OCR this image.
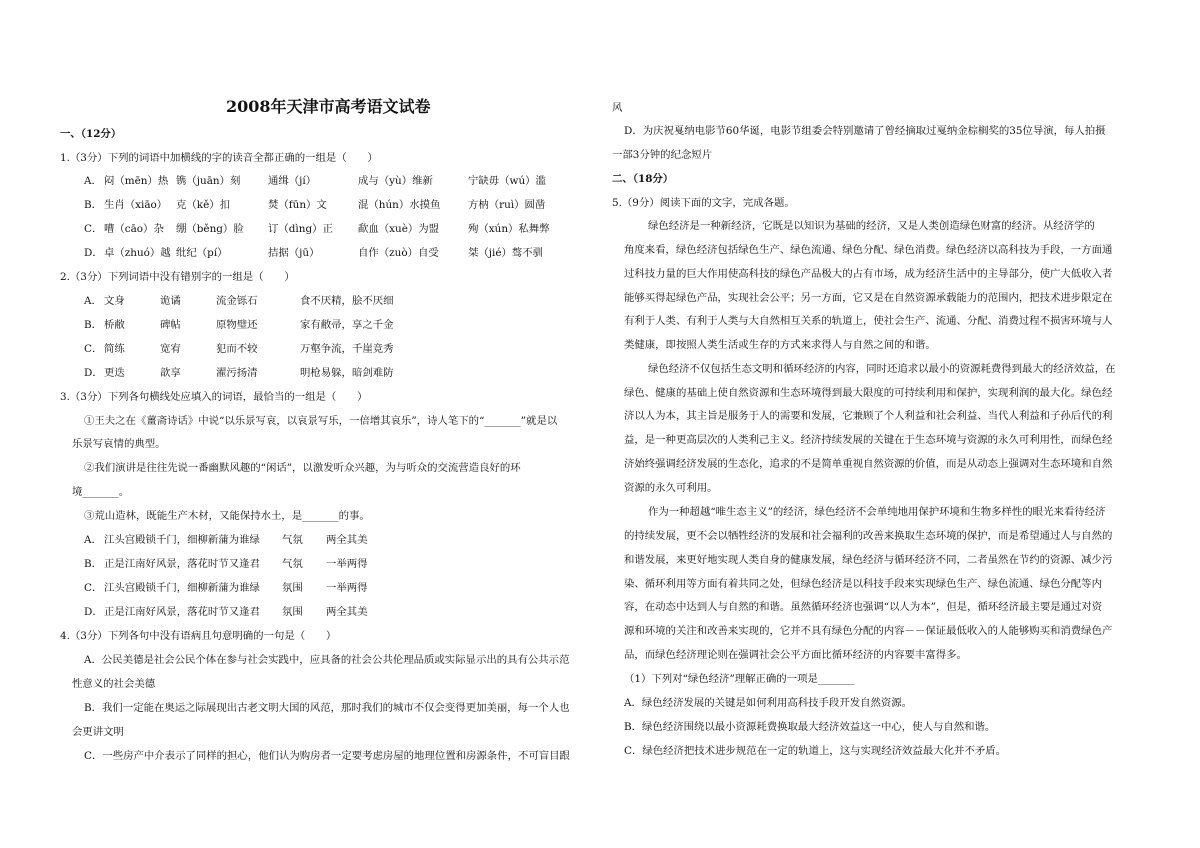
2008年天津市高考语文试卷
一、（12分）
1.（3分）下列的词语中加横线的字的读音全都正确的一组是（　　）
A． 闷（mēn）热 镌（juān）刻	通缉（jí）	成与（yù）维新	宁缺毋（wú）滥
B． 生肖（xiāo） 克（kě）扣	焚（fūn）文	混（hún）水摸鱼	方枘（ruì）圆凿
C． 嘈（cāo）杂 绷（běng）脸 订（dìng）正 歃血（xuè）为盟	殉（xún）私舞弊
D．卓（zhuó）越 纰纪（pí）	拮据（jū）	自作（zuò）自受	桀（jié）骜不驯
2.（3分）下列词语中没有错别字的一组是（　　）
A． 文身	诡谲	流金铄石	食不厌精，脍不厌细
B． 桥敝	碑帖	原物璧还	家有敝帚，享之千金
C． 简练	宽宥	犯而不较	万壑争流，千崖竞秀
D．更迭	歆享	濯污扬清	明枪易躲，暗剑难防
3.（3分）下列各句横线处应填入的词语，最恰当的一组是（　　）
①王夫之在《薑斋诗话》中说“以乐景写哀，以哀景写乐，一倍增其哀乐”，诗人笔下的“_______”就是以
乐景写哀情的典型。
②我们演讲是往往先说一番幽默风趣的“闲话”，以激发听众兴趣，为与听众的交流营造良好的环
境_______。
③荒山造林，既能生产木材，又能保持水土，是_______的事。
A． 江头宫殿锁千门，细柳新蒲为谁绿 气氛 两全其美
B． 正是江南好风景，落花时节又逢君 气氛 一举两得
C． 江头宫殿锁千门，细柳新蒲为谁绿 氛围 一举两得
D．正是江南好风景，落花时节又逢君 氛围 两全其美
4.（3分）下列各句中没有语病且句意明确的一句是（　　）
A．公民美德是社会公民个体在参与社会实践中，应具备的社会公共伦理品质或实际显示出的具有公共示范
性意义的社会美德
B．我们一定能在奥运之际展现出古老文明大国的风范，那时我们的城市不仅会变得更加美丽，每一个人也
会更讲文明
C．一些房产中介表示了同样的担心，他们认为购房者一定要考虑房屋的地理位置和房源条件，不可盲目跟
风
D．为庆祝戛纳电影节60华诞，电影节组委会特别邀请了曾经摘取过戛纳金棕榈奖的35位导演，每人拍摄
一部3分钟的纪念短片
二、（18分）
5.（9分）阅读下面的文字，完成各题。
绿色经济是一种新经济，它既是以知识为基础的经济，又是人类创造绿色财富的经济。从经济学的
角度来看，绿色经济包括绿色生产、绿色流通、绿色分配、绿色消费。绿色经济以高科技为手段，一方面通
过科技力量的巨大作用使高科技的绿色产品极大的占有市场，成为经济生活中的主导部分，使广大低收入者
能够买得起绿色产品，实现社会公平；另一方面，它又是在自然资源承载能力的范围内，把技术进步限定在
有利于人类、有利于人类与大自然相互关系的轨道上，使社会生产、流通、分配、消费过程不损害环境与人
类健康，即按照人类生活或生存的方式来求得人与自然之间的和谐。
绿色经济不仅包括生态文明和循环经济的内容，同时还追求以最小的资源耗费得到最大的经济效益，在
绿色、健康的基础上使自然资源和生态环境得到最大限度的可持续利用和保护，实现利润的最大化。绿色经
济以人为本，其主旨是服务于人的需要和发展，它兼顾了个人利益和社会利益、当代人利益和子孙后代的利
益，是一种更高层次的人类利己主义。经济持续发展的关键在于生态环境与资源的永久可利用性，而绿色经
济始终强调经济发展的生态化，追求的不是简单重视自然资源的价值，而是从动态上强调对生态环境和自然
资源的永久可利用。
作为一种超越“唯生态主义”的经济，绿色经济不会单纯地用保护环境和生物多样性的眼光来看待经济
的持续发展，更不会以牺牲经济的发展和社会福利的改善来换取生态环境的保护，而是希望通过人与自然的
和谐发展，来更好地实现人类自身的健康发展，绿色经济与循环经济不同，二者虽然在节约的资源、减少污
染、循环利用等方面有着共同之处，但绿色经济是以科技手段来实现绿色生产、绿色流通、绿色分配等内
容，在动态中达到人与自然的和谐。虽然循环经济也强调“以人为本”，但是，循环经济最主要是通过对资
源和环境的关注和改善来实现的，它并不具有绿色分配的内容－－保证最低收入的人能够购买和消费绿色产
品，而绿色经济理论则在强调社会公平方面比循环经济的内容要丰富得多。
（1）下列对“绿色经济”理解正确的一项是_______
A．绿色经济发展的关键是如何利用高科技手段开发自然资源。
B．绿色经济围绕以最小资源耗费换取最大经济效益这一中心，使人与自然和谐。
C．绿色经济把技术进步规范在一定的轨道上，这与实现经济效益最大化并不矛盾。
